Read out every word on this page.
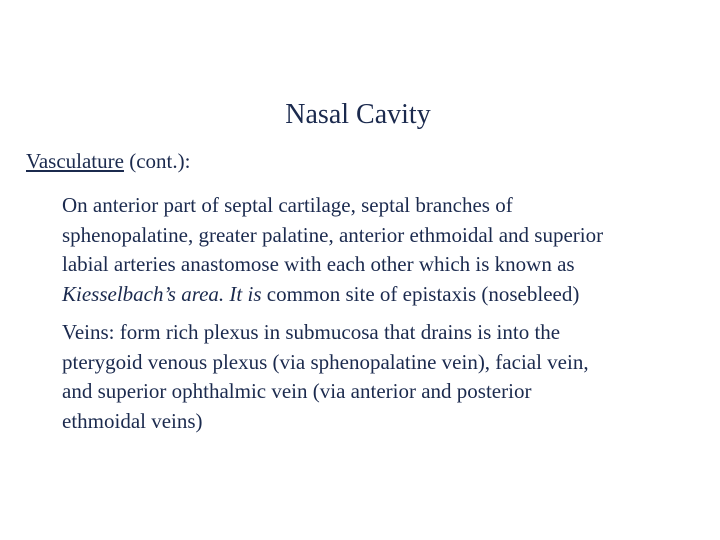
Nasal Cavity
Vasculature (cont.):
On anterior part of septal cartilage, septal branches of
sphenopalatine, greater palatine, anterior ethmoidal and superior
labial arteries anastomose with each other which is known as
Kiesselbach’s area. It is common site of epistaxis (nosebleed)
Veins: form rich plexus in submucosa that drains is into the
pterygoid venous plexus (via sphenopalatine vein), facial vein,
and superior ophthalmic vein (via anterior and posterior
ethmoidal veins)
